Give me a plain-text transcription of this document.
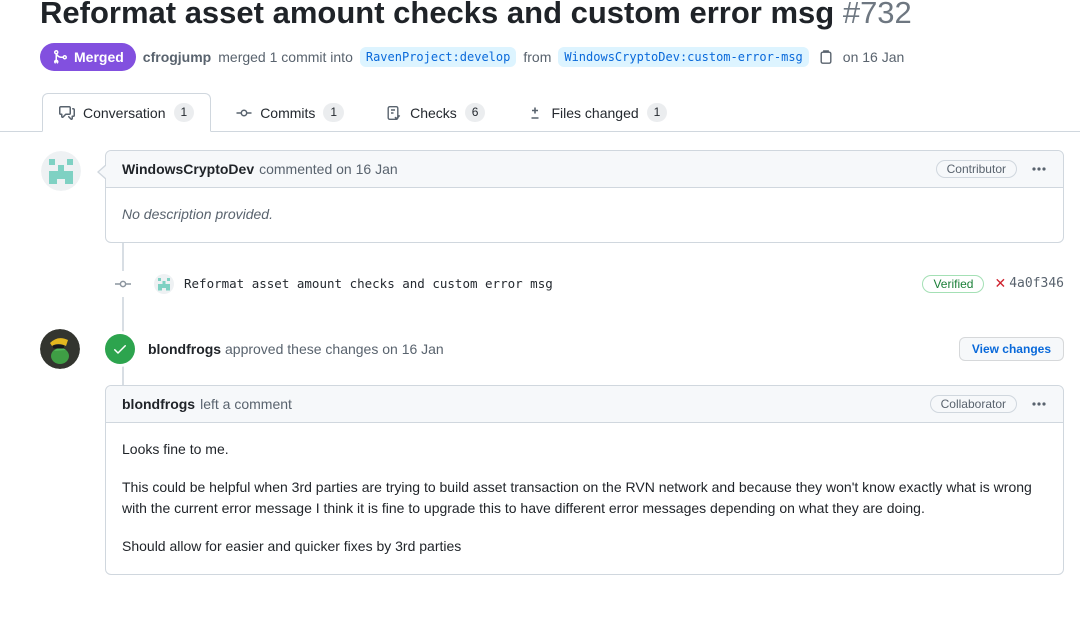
Reformat asset amount checks and custom error msg #732
Merged cfrogjump merged 1 commit into	RavenProject:develop from	WindowsCryptoDev:custom-error-msg	on 16 Jan
Conversation	1	Commits	1	Checks	6	Files changed	1
WindowsCryptoDev commented on 16 Jan	Contributor
No description provided.
Reformat asset amount checks and custom error msg	Verified	✕ 4a0f346
blondfrogs approved these changes on 16 Jan	View changes
blondfrogs left a comment	Collaborator

Looks fine to me.

This could be helpful when 3rd parties are trying to build asset transaction on the RVN network and because they won't know exactly what is wrong with the current error message I think it is fine to upgrade this to have different error messages depending on what they are doing.

Should allow for easier and quicker fixes by 3rd parties
